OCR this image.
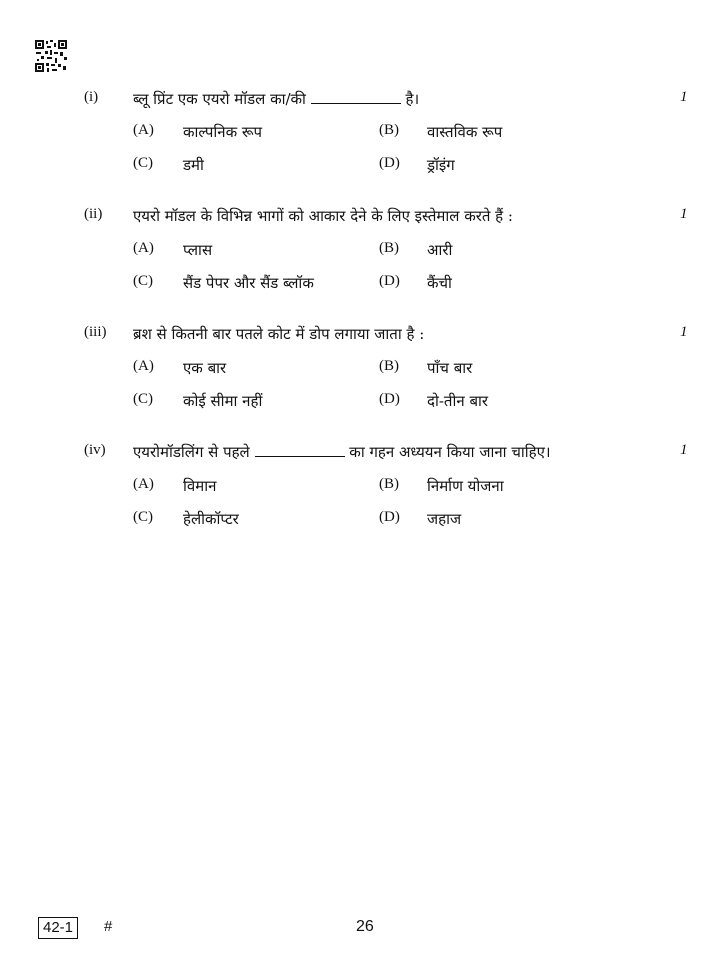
(i) ब्लू प्रिंट एक एयरो मॉडल का/की	है।	1
(A) काल्पनिक रूप	(B) वास्तविक रूप
(C) डमी	(D) ड्रॉइंग
(ii) एयरो मॉडल के विभिन्न भागों को आकार देने के लिए इस्तेमाल करते हैं :	1
(A) प्लास	(B) आरी
(C) सैंड पेपर और सैंड ब्लॉक	(D) कैंची
(iii) ब्रश से कितनी बार पतले कोट में डोप लगाया जाता है :	1
(A) एक बार	(B) पाँच बार
(C) कोई सीमा नहीं	(D) दो-तीन बार
(iv) एयरोमॉडलिंग से पहले	का गहन अध्ययन किया जाना चाहिए।	1
(A) विमान	(B) निर्माण योजना
(C) हेलीकॉप्टर	(D) जहाज
42-1	#	26
